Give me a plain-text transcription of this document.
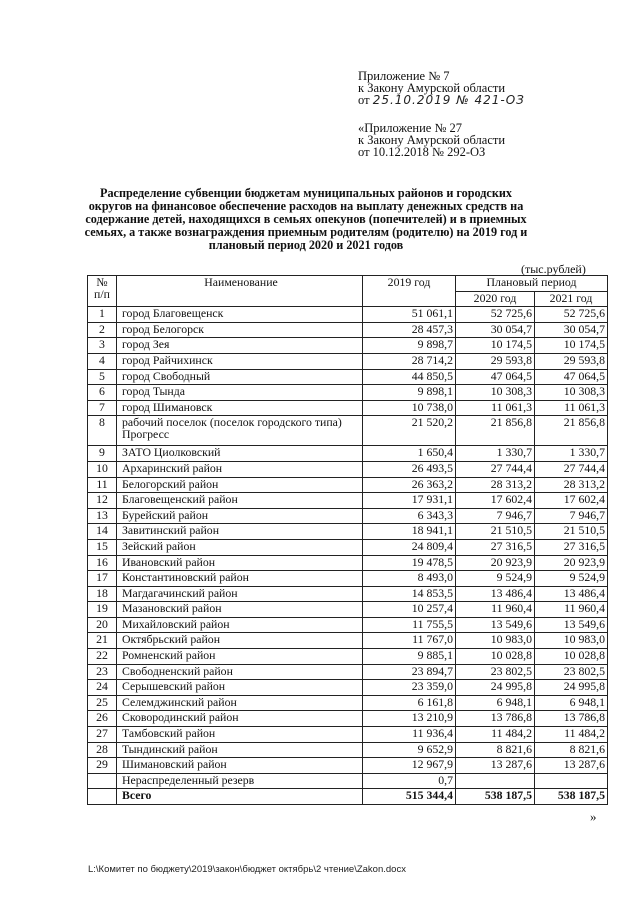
Приложение № 7
к Закону Амурской области
от 25.10.2019 № 421-ОЗ
«Приложение № 27
к Закону Амурской области
от 10.12.2018 № 292-ОЗ
Распределение субвенции бюджетам муниципальных районов и городских округов на финансовое обеспечение расходов на выплату денежных средств на содержание детей, находящихся в семьях опекунов (попечителей) и в приемных семьях, а также вознаграждения приемным родителям (родителю) на 2019 год и плановый период 2020 и 2021 годов
(тыс.рублей)
№
п/п	Наименование	2019 год	Плановый период	
			2020 год	2021 год
1	город Благовещенск	51 061,1	52 725,6	52 725,6
2	город Белогорск	28 457,3	30 054,7	30 054,7
3	город Зея	9 898,7	10 174,5	10 174,5
4	город Райчихинск	28 714,2	29 593,8	29 593,8
5	город Свободный	44 850,5	47 064,5	47 064,5
6	город Тында	9 898,1	10 308,3	10 308,3
7	город Шимановск	10 738,0	11 061,3	11 061,3
8	рабочий поселок (поселок городского типа) Прогресс	21 520,2	21 856,8	21 856,8
9	ЗАТО Циолковский	1 650,4	1 330,7	1 330,7
10	Архаринский район	26 493,5	27 744,4	27 744,4
11	Белогорский район	26 363,2	28 313,2	28 313,2
12	Благовещенский район	17 931,1	17 602,4	17 602,4
13	Бурейский район	6 343,3	7 946,7	7 946,7
14	Завитинский район	18 941,1	21 510,5	21 510,5
15	Зейский район	24 809,4	27 316,5	27 316,5
16	Ивановский район	19 478,5	20 923,9	20 923,9
17	Константиновский район	8 493,0	9 524,9	9 524,9
18	Магдагачинский район	14 853,5	13 486,4	13 486,4
19	Мазановский район	10 257,4	11 960,4	11 960,4
20	Михайловский район	11 755,5	13 549,6	13 549,6
21	Октябрьский район	11 767,0	10 983,0	10 983,0
22	Ромненский район	9 885,1	10 028,8	10 028,8
23	Свободненский район	23 894,7	23 802,5	23 802,5
24	Серышевский район	23 359,0	24 995,8	24 995,8
25	Селемджинский район	6 161,8	6 948,1	6 948,1
26	Сковородинский район	13 210,9	13 786,8	13 786,8
27	Тамбовский район	11 936,4	11 484,2	11 484,2
28	Тындинский район	9 652,9	8 821,6	8 821,6
29	Шимановский район	12 967,9	13 287,6	13 287,6
	Нераспределенный резерв	0,7		
	Всего	515 344,4	538 187,5	538 187,5
»
L:\Комитет по бюджету\2019\закон\бюджет октябрь\2 чтение\Zakon.docx
